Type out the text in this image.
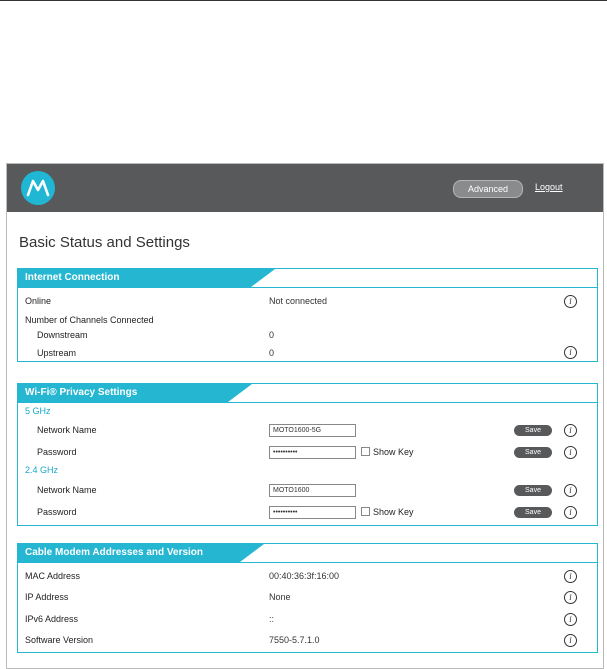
Advanced	Logout
Basic Status and Settings
Internet Connection
Online	Not connected	i
Number of Channels Connected
Downstream	0
Upstream	0	i
Wi-Fi® Privacy Settings
5 GHz
Network Name	MOTO1600-5G	Save	i
Password	••••••••••	Show Key	Save	i
2.4 GHz
Network Name	MOTO1600	Save	i
Password	••••••••••	Show Key	Save	i
Cable Modem Addresses and Version
MAC Address	00:40:36:3f:16:00	i
IP Address	None	i
IPv6 Address	::	i
Software Version	7550-5.7.1.0	i
